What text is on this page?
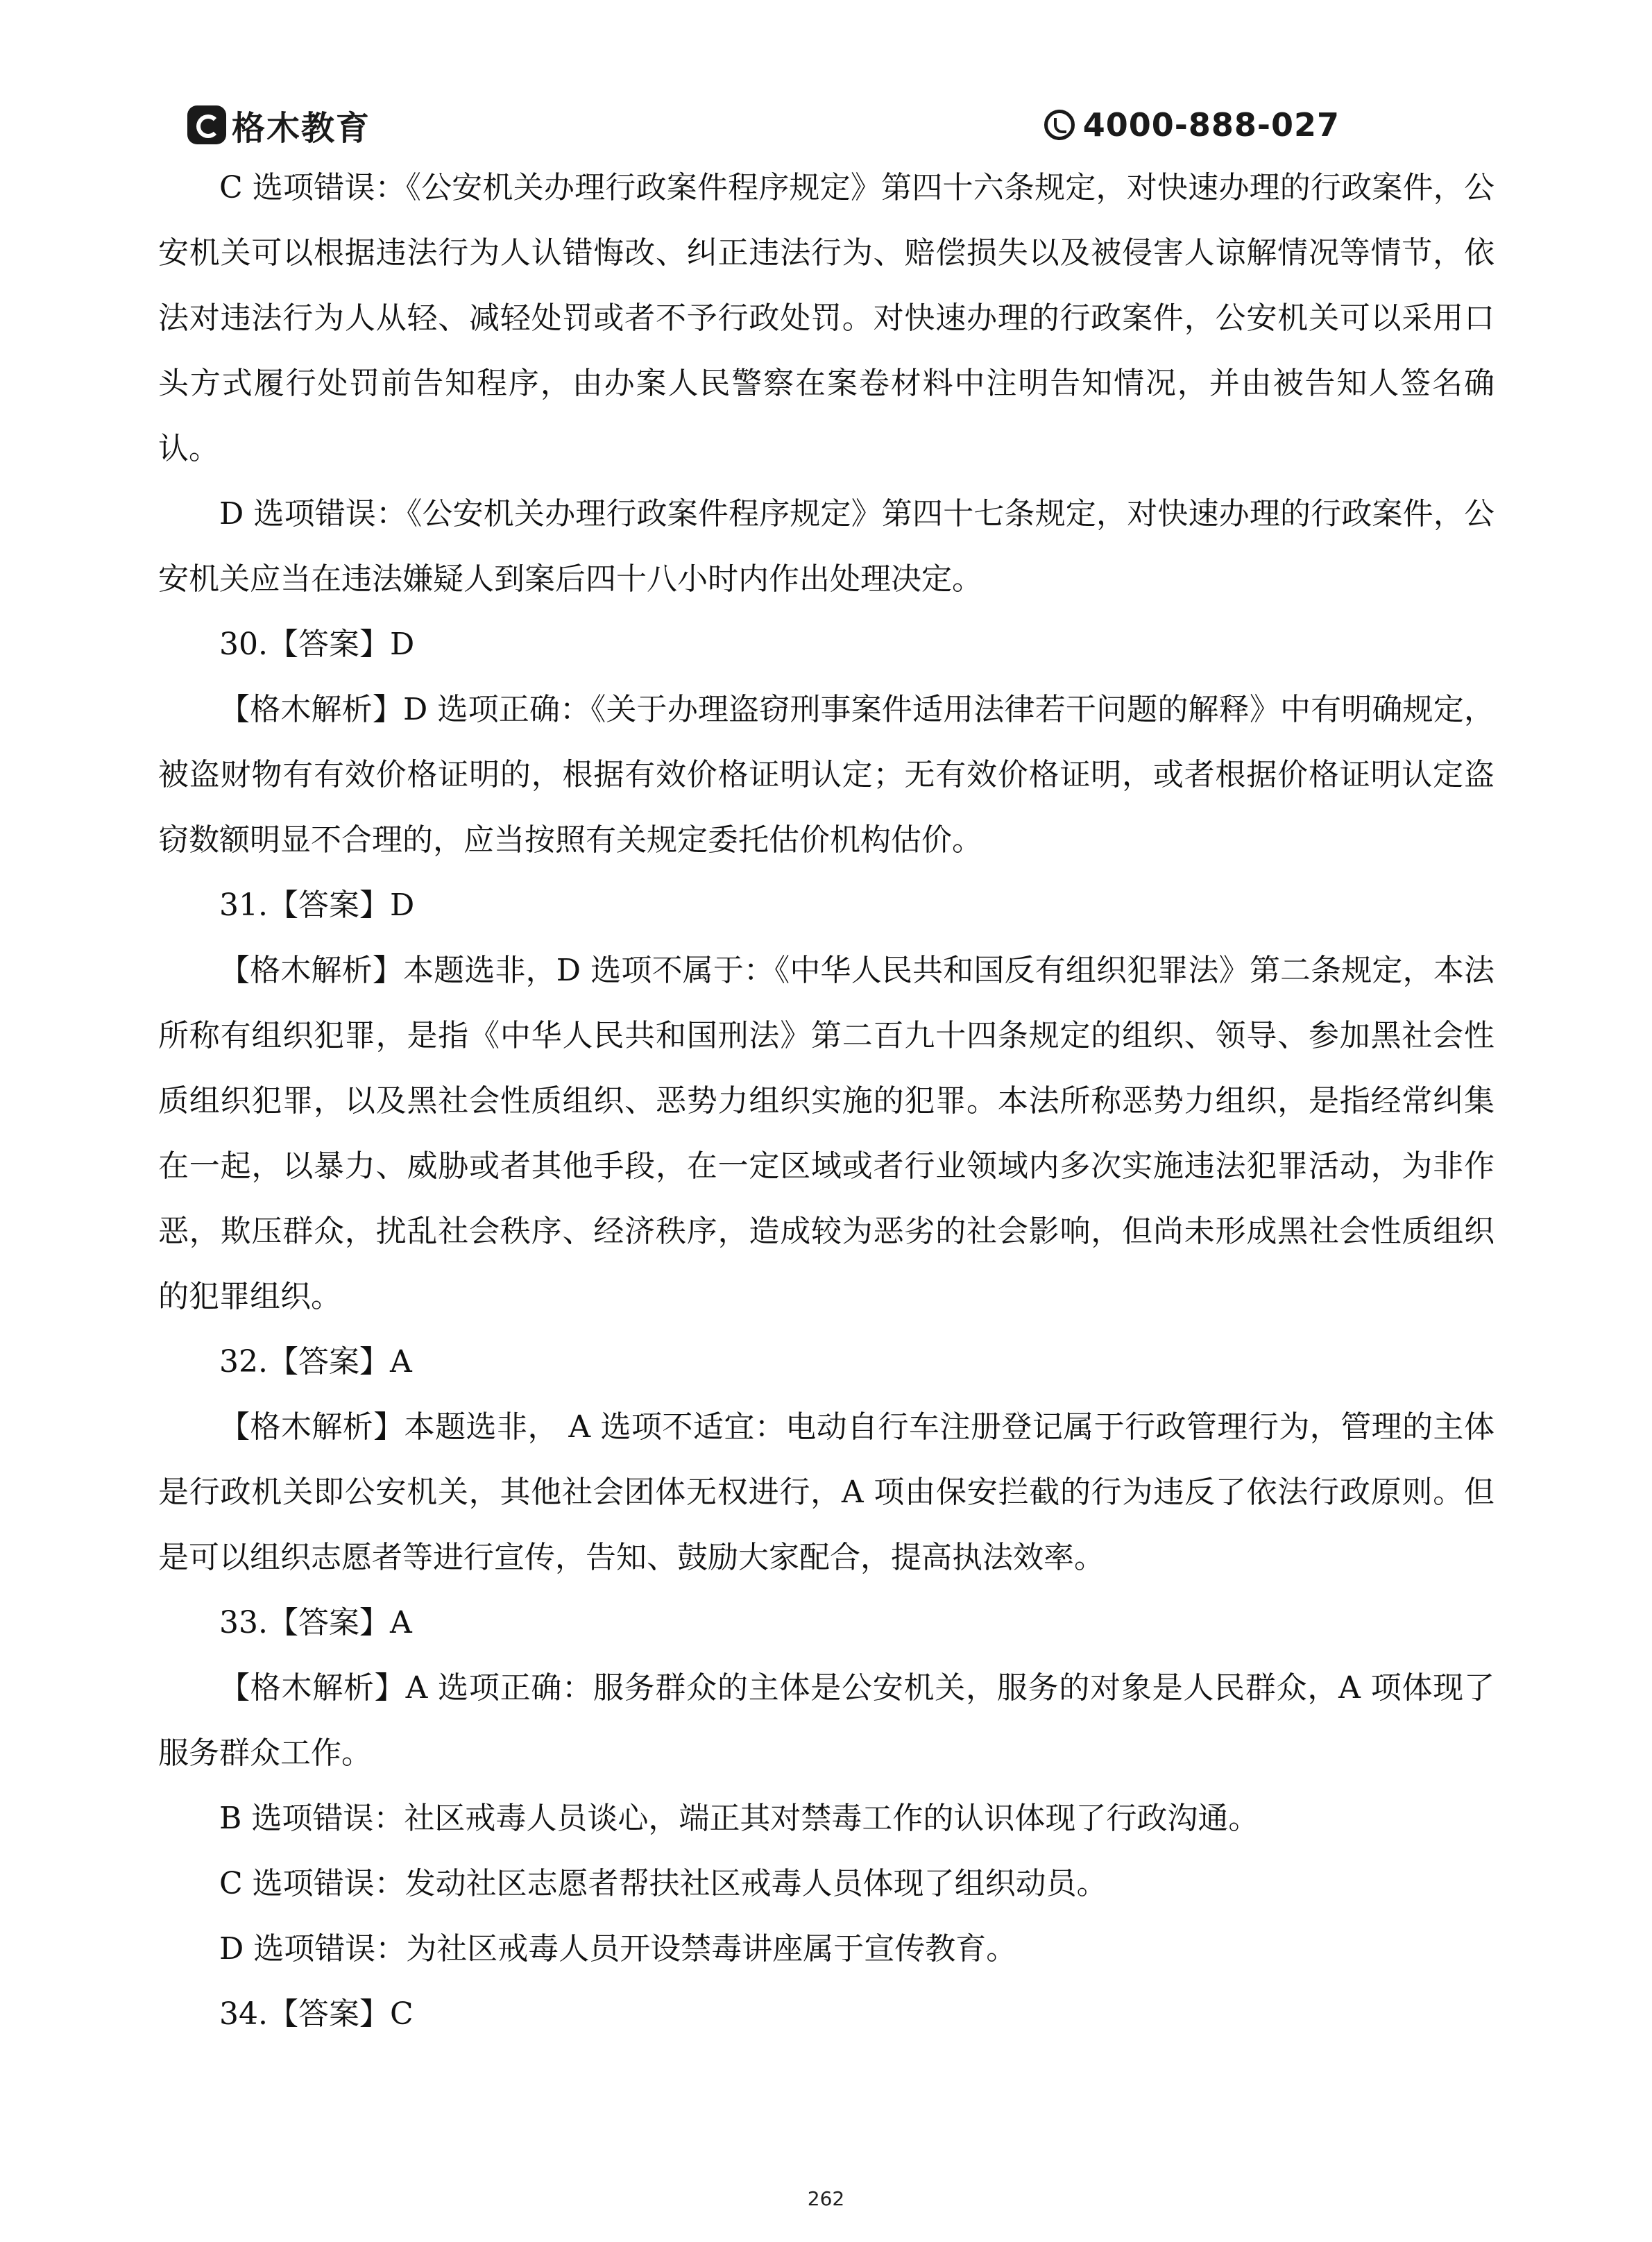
格木教育	4000-888-027

C 选项错误：《公安机关办理行政案件程序规定》第四十六条规定，对快速办理的行政案件，公安机关可以根据违法行为人认错悔改、纠正违法行为、赔偿损失以及被侵害人谅解情况等情节，依法对违法行为人从轻、减轻处罚或者不予行政处罚。对快速办理的行政案件，公安机关可以采用口头方式履行处罚前告知程序，由办案人民警察在案卷材料中注明告知情况，并由被告知人签名确认。

D 选项错误：《公安机关办理行政案件程序规定》第四十七条规定，对快速办理的行政案件，公安机关应当在违法嫌疑人到案后四十八小时内作出处理决定。

30.【答案】D

【格木解析】D 选项正确：《关于办理盗窃刑事案件适用法律若干问题的解释》中有明确规定，被盗财物有有效价格证明的，根据有效价格证明认定；无有效价格证明，或者根据价格证明认定盗窃数额明显不合理的，应当按照有关规定委托估价机构估价。

31.【答案】D

【格木解析】本题选非，D 选项不属于：《中华人民共和国反有组织犯罪法》第二条规定，本法所称有组织犯罪，是指《中华人民共和国刑法》第二百九十四条规定的组织、领导、参加黑社会性质组织犯罪，以及黑社会性质组织、恶势力组织实施的犯罪。本法所称恶势力组织，是指经常纠集在一起，以暴力、威胁或者其他手段，在一定区域或者行业领域内多次实施违法犯罪活动，为非作恶，欺压群众，扰乱社会秩序、经济秩序，造成较为恶劣的社会影响，但尚未形成黑社会性质组织的犯罪组织。

32.【答案】A

【格木解析】本题选非， A 选项不适宜：电动自行车注册登记属于行政管理行为，管理的主体是行政机关即公安机关，其他社会团体无权进行，A 项由保安拦截的行为违反了依法行政原则。但是可以组织志愿者等进行宣传，告知、鼓励大家配合，提高执法效率。

33.【答案】A

【格木解析】A 选项正确：服务群众的主体是公安机关，服务的对象是人民群众，A 项体现了服务群众工作。

B 选项错误：社区戒毒人员谈心，端正其对禁毒工作的认识体现了行政沟通。

C 选项错误：发动社区志愿者帮扶社区戒毒人员体现了组织动员。

D 选项错误：为社区戒毒人员开设禁毒讲座属于宣传教育。

34.【答案】C

262
